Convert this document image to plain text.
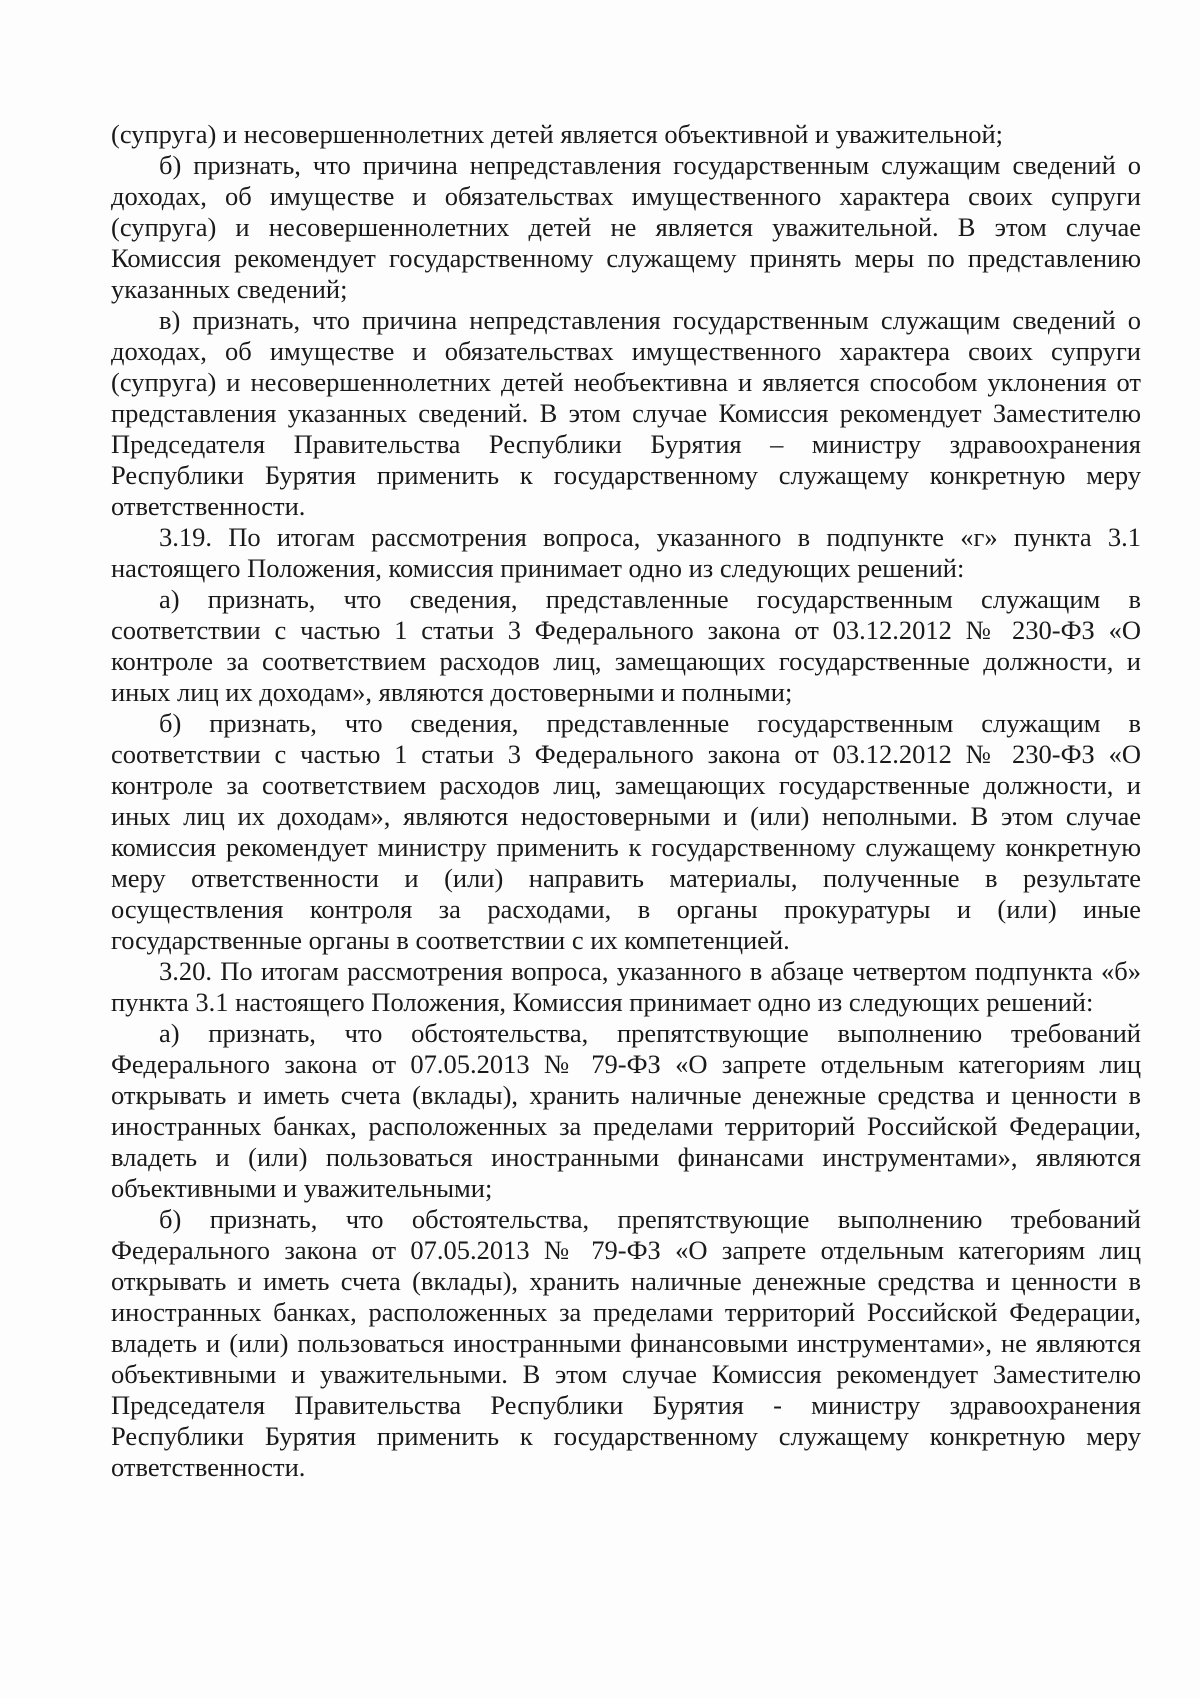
(супруга) и несовершеннолетних детей является объективной и уважительной;

б) признать, что причина непредставления государственным служащим сведений о доходах, об имуществе и обязательствах имущественного характера своих супруги (супруга) и несовершеннолетних детей не является уважительной. В этом случае Комиссия рекомендует государственному служащему принять меры по представлению указанных сведений;

в) признать, что причина непредставления государственным служащим сведений о доходах, об имуществе и обязательствах имущественного характера своих супруги (супруга) и несовершеннолетних детей необъективна и является способом уклонения от представления указанных сведений. В этом случае Комиссия рекомендует Заместителю Председателя Правительства Республики Бурятия – министру здравоохранения Республики Бурятия применить к государственному служащему конкретную меру ответственности.

3.19. По итогам рассмотрения вопроса, указанного в подпункте «г» пункта 3.1 настоящего Положения, комиссия принимает одно из следующих решений:

а) признать, что сведения, представленные государственным служащим в соответствии с частью 1 статьи 3 Федерального закона от 03.12.2012 № 230-ФЗ «О контроле за соответствием расходов лиц, замещающих государственные должности, и иных лиц их доходам», являются достоверными и полными;

б) признать, что сведения, представленные государственным служащим в соответствии с частью 1 статьи 3 Федерального закона от 03.12.2012 № 230-ФЗ «О контроле за соответствием расходов лиц, замещающих государственные должности, и иных лиц их доходам», являются недостоверными и (или) неполными. В этом случае комиссия рекомендует министру применить к государственному служащему конкретную меру ответственности и (или) направить материалы, полученные в результате осуществления контроля за расходами, в органы прокуратуры и (или) иные государственные органы в соответствии с их компетенцией.

3.20. По итогам рассмотрения вопроса, указанного в абзаце четвертом подпункта «б» пункта 3.1 настоящего Положения, Комиссия принимает одно из следующих решений:

а) признать, что обстоятельства, препятствующие выполнению требований Федерального закона от 07.05.2013 № 79-ФЗ «О запрете отдельным категориям лиц открывать и иметь счета (вклады), хранить наличные денежные средства и ценности в иностранных банках, расположенных за пределами территорий Российской Федерации, владеть и (или) пользоваться иностранными финансами инструментами», являются объективными и уважительными;

б) признать, что обстоятельства, препятствующие выполнению требований Федерального закона от 07.05.2013 № 79-ФЗ «О запрете отдельным категориям лиц открывать и иметь счета (вклады), хранить наличные денежные средства и ценности в иностранных банках, расположенных за пределами территорий Российской Федерации, владеть и (или) пользоваться иностранными финансовыми инструментами», не являются объективными и уважительными. В этом случае Комиссия рекомендует Заместителю Председателя Правительства Республики Бурятия - министру здравоохранения Республики Бурятия применить к государственному служащему конкретную меру ответственности.
